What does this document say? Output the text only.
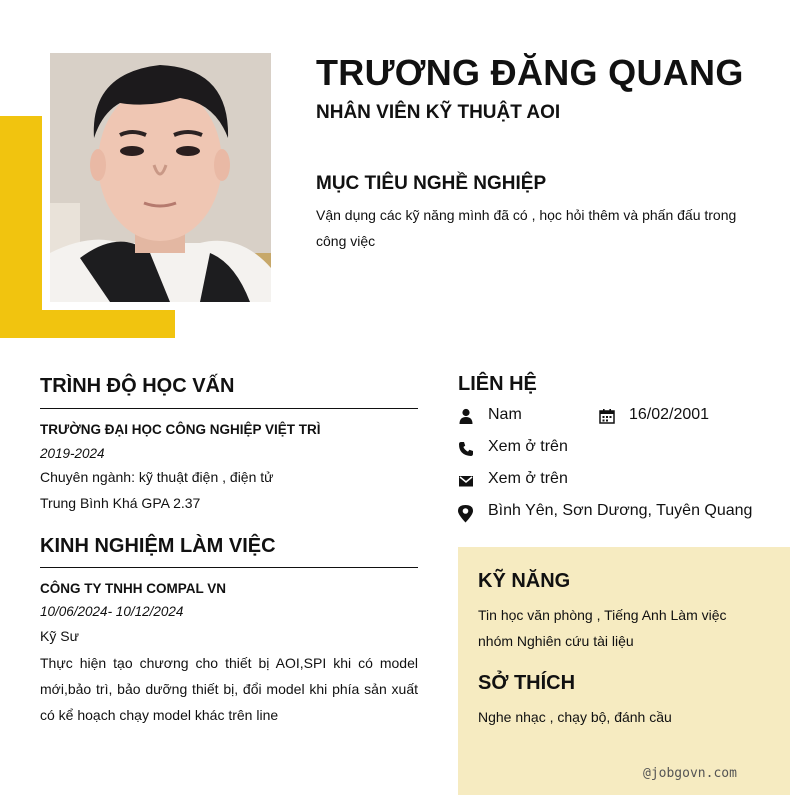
TRƯƠNG ĐĂNG QUANG
NHÂN VIÊN KỸ THUẬT AOI
MỤC TIÊU NGHỀ NGHIỆP
Vận dụng các kỹ năng mình đã có , học hỏi thêm và phấn đấu trong công việc
TRÌNH ĐỘ HỌC VẤN
TRƯỜNG ĐẠI HỌC CÔNG NGHIỆP VIỆT TRÌ
2019-2024
Chuyên ngành: kỹ thuật điện , điện tử
Trung Bình Khá GPA 2.37
KINH NGHIỆM LÀM VIỆC
CÔNG TY TNHH COMPAL VN
10/06/2024- 10/12/2024
Kỹ Sư
Thực hiện tạo chương cho thiết bị AOI,SPI khi có model mới,bảo trì, bảo dưỡng thiết bị, đổi model khi phía sản xuất có kể hoạch chạy model khác trên line
LIÊN HỆ
Nam	16/02/2001
Xem ở trên
Xem ở trên
Bình Yên, Sơn Dương, Tuyên Quang
KỸ NĂNG
Tin học văn phòng , Tiếng Anh Làm việc nhóm Nghiên cứu tài liệu
SỞ THÍCH
Nghe nhạc , chạy bộ, đánh cầu
@jobgovn.com
